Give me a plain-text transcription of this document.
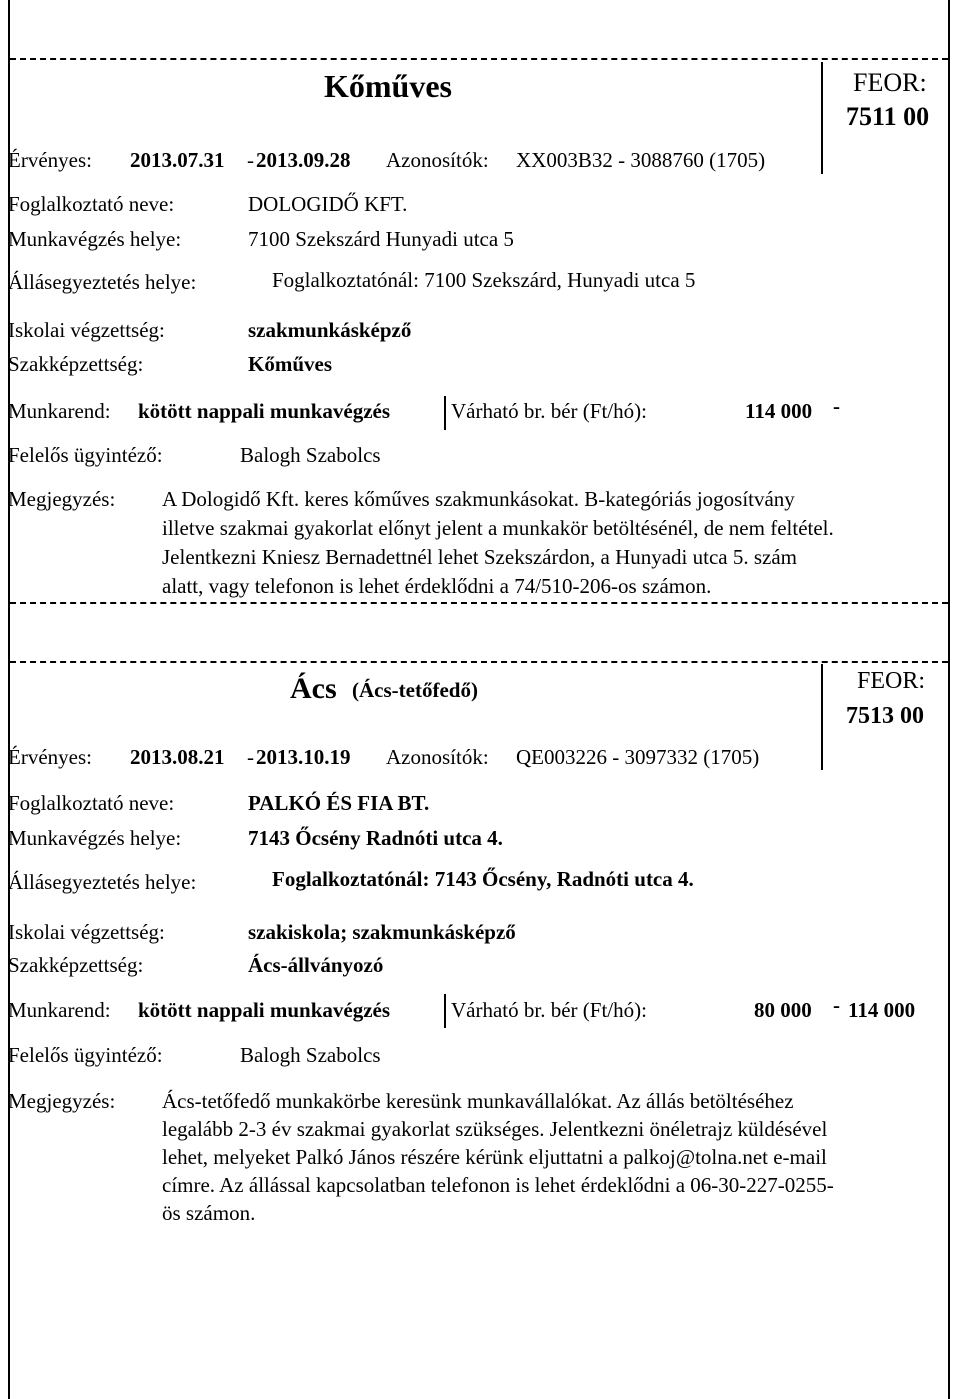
Kőműves	FEOR:
7511 00
Érvényes: 2013.07.31 - 2013.09.28 Azonosítók: XX003B32 - 3088760 (1705)
Foglalkoztató neve:	DOLOGIDŐ KFT.
Munkavégzés helye:	7100 Szekszárd Hunyadi utca 5
Állásegyeztetés helye:	Foglalkoztatónál: 7100 Szekszárd, Hunyadi utca 5
Iskolai végzettség:	szakmunkásképző
Szakképzettség:	Kőműves
Munkarend: kötött nappali munkavégzés	Várható br. bér (Ft/hó):	114 000 -
Felelős ügyintéző:	Balogh Szabolcs
Megjegyzés: A Dologidő Kft. keres kőműves szakmunkásokat. B-kategóriás jogosítvány
illetve szakmai gyakorlat előnyt jelent a munkakör betöltésénél, de nem feltétel.
Jelentkezni Kniesz Bernadettnél lehet Szekszárdon, a Hunyadi utca 5. szám
alatt, vagy telefonon is lehet érdeklődni a 74/510-206-os számon.
Ács (Ács-tetőfedő)	FEOR:
7513 00
Érvényes: 2013.08.21 - 2013.10.19 Azonosítók: QE003226 - 3097332 (1705)
Foglalkoztató neve:	PALKÓ ÉS FIA BT.
Munkavégzés helye:	7143 Őcsény Radnóti utca 4.
Állásegyeztetés helye:	Foglalkoztatónál: 7143 Őcsény, Radnóti utca 4.
Iskolai végzettség:	szakiskola; szakmunkásképző
Szakképzettség:	Ács-állványozó
Munkarend: kötött nappali munkavégzés	Várható br. bér (Ft/hó):	80 000 - 114 000
Felelős ügyintéző:	Balogh Szabolcs
Megjegyzés: Ács-tetőfedő munkakörbe keresünk munkavállalókat. Az állás betöltéséhez
legalább 2-3 év szakmai gyakorlat szükséges. Jelentkezni önéletrajz küldésével
lehet, melyeket Palkó János részére kérünk eljuttatni a palkoj@tolna.net e-mail
címre. Az állással kapcsolatban telefonon is lehet érdeklődni a 06-30-227-0255-
ös számon.
